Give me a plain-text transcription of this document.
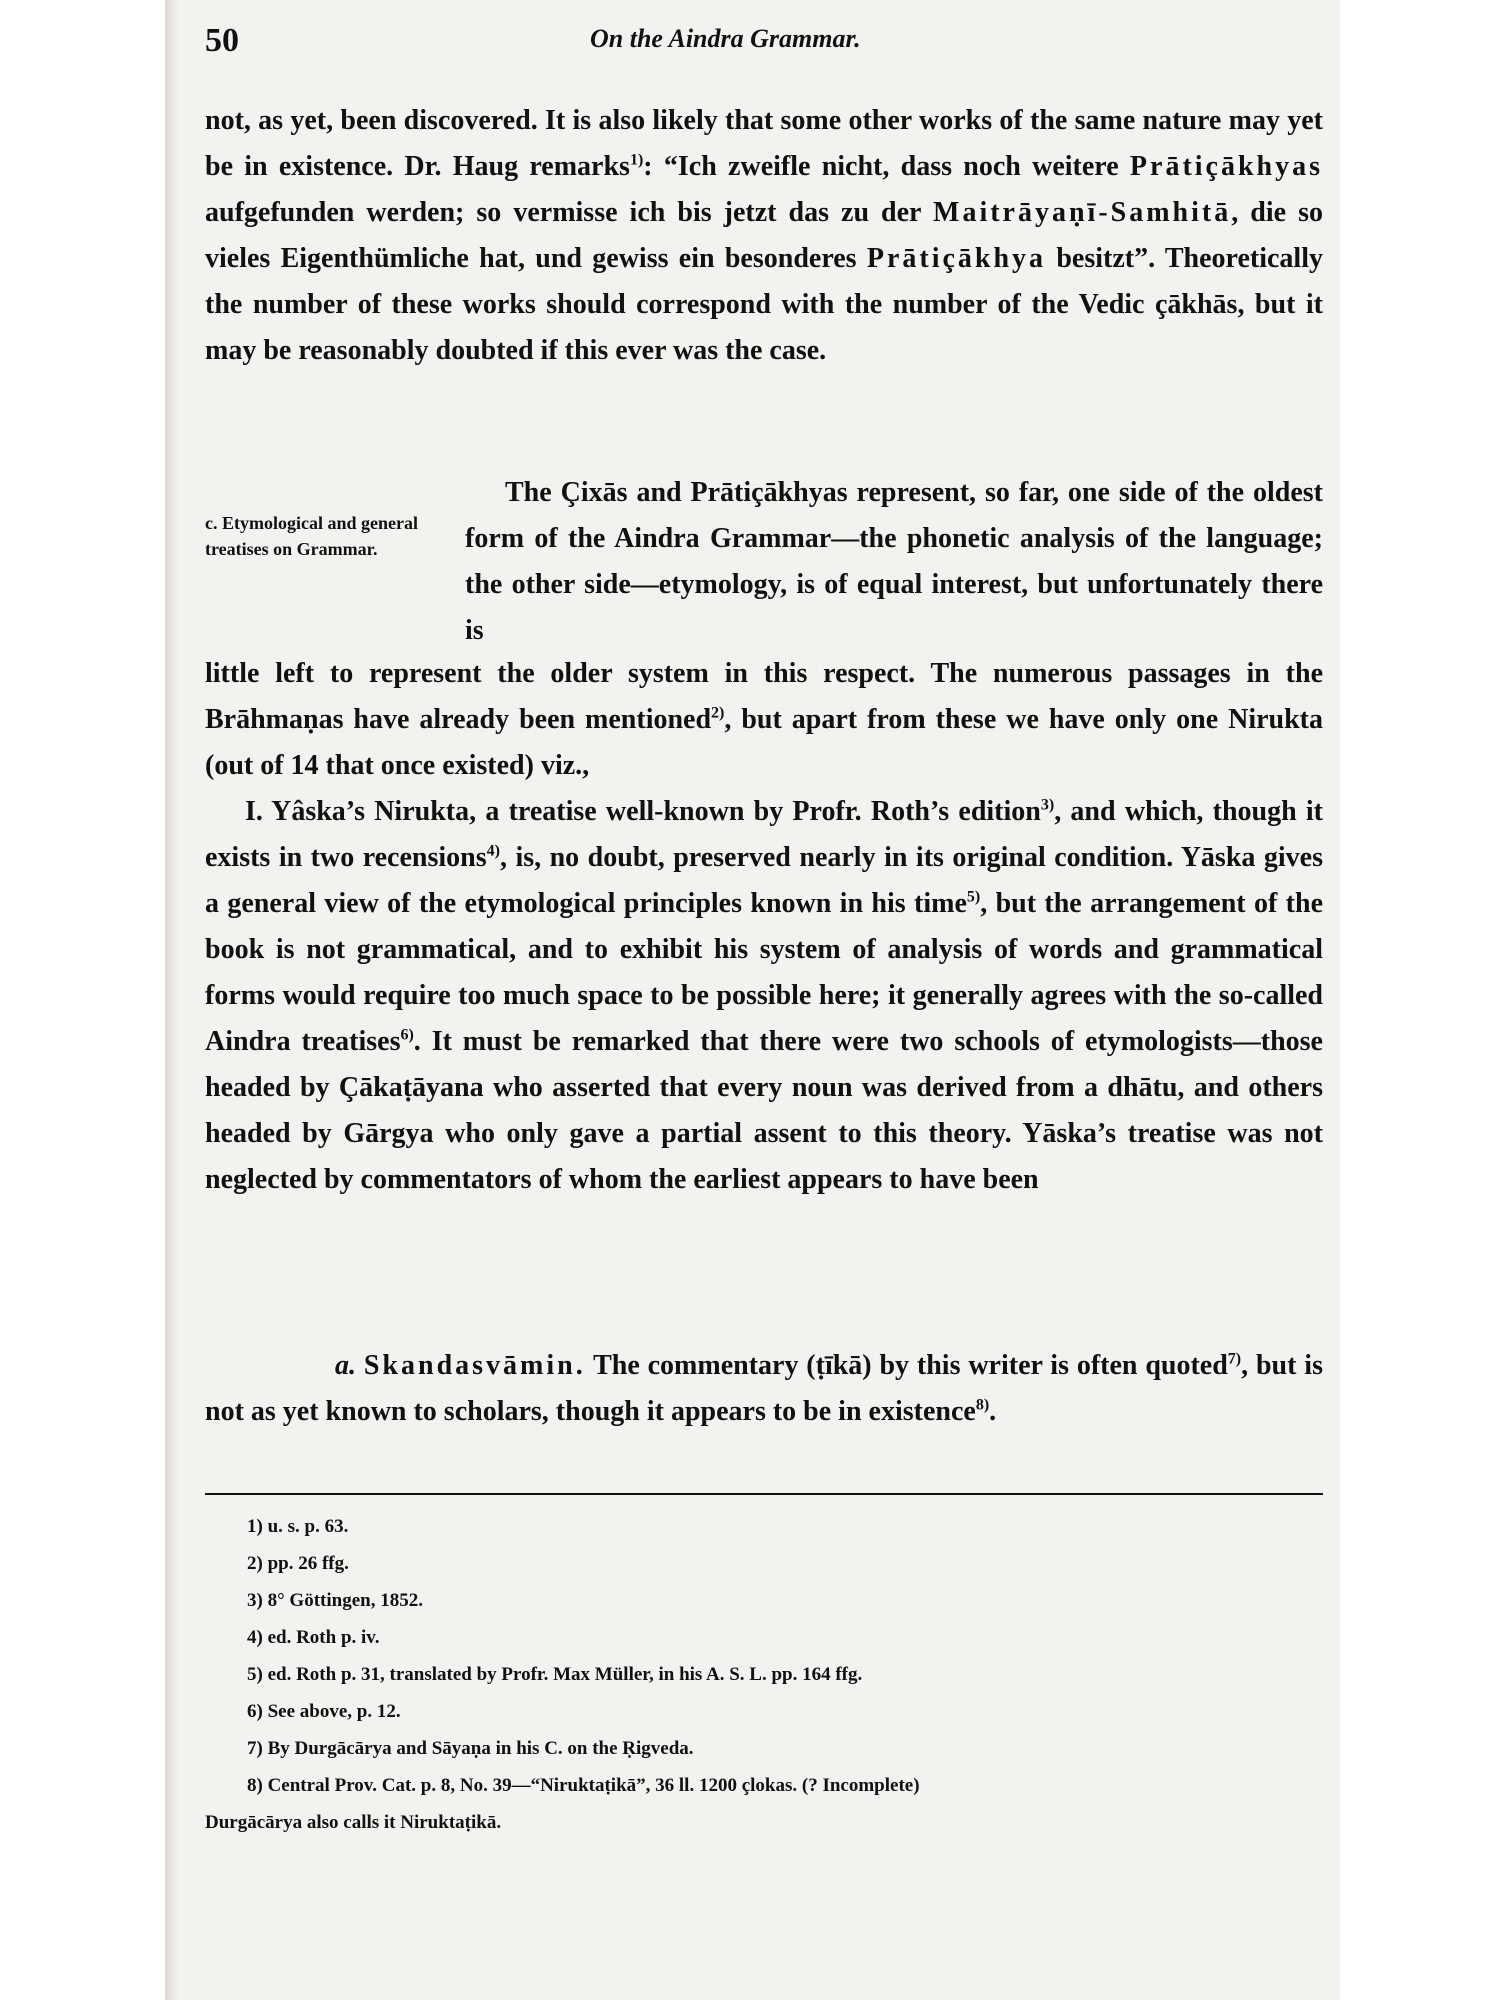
50	On the Aindra Grammar.

not, as yet, been discovered. It is also likely that some other works of the same nature may yet be in existence. Dr. Haug remarks$^{1)}$: “Ich zweifle nicht, dass noch weitere Prātiçākhyas aufgefunden werden; so vermisse ich bis jetzt das zu der Maitrāyaṇī-Samhitā, die so vieles Eigenthümliche hat, und gewiss ein besonderes Prātiçākhya besitzt”. Theoretically the number of these works should correspond with the number of the Vedic çākhās, but it may be reasonably doubted if this ever was the case.

c. Etymological and general treatises on Grammar.
The Çixās and Prātiçākhyas represent, so far, one side of the oldest form of the Aindra Grammar—the phonetic analysis of the language; the other side—etymology, is of equal interest, but unfortunately there is

little left to represent the older system in this respect. The numerous passages in the Brāhmaṇas have already been mentioned$^{2)}$, but apart from these we have only one Nirukta (out of 14 that once existed) viz.,

I. Yâska’s Nirukta, a treatise well-known by Profr. Roth’s edition$^{3)}$, and which, though it exists in two recensions$^{4)}$, is, no doubt, preserved nearly in its original condition. Yāska gives a general view of the etymological principles known in his time$^{5)}$, but the arrangement of the book is not grammatical, and to exhibit his system of analysis of words and grammatical forms would require too much space to be possible here; it generally agrees with the so-called Aindra treatises$^{6)}$. It must be remarked that there were two schools of etymologists—those headed by Çākaṭāyana who asserted that every noun was derived from a dhātu, and others headed by Gārgya who only gave a partial assent to this theory. Yāska’s treatise was not neglected by commentators of whom the earliest appears to have been

a. Skandasvāmin. The commentary (ṭīkā) by this writer is often quoted$^{7)}$, but is not as yet known to scholars, though it appears to be in existence$^{8)}$.

1) u. s. p. 63.
2) pp. 26 ffg.
3) 8° Göttingen, 1852.
4) ed. Roth p. iv.
5) ed. Roth p. 31, translated by Profr. Max Müller, in his A. S. L. pp. 164 ffg.
6) See above, p. 12.
7) By Durgācārya and Sāyaṇa in his C. on the Ṛigveda.
8) Central Prov. Cat. p. 8, No. 39—“Niruktaṭikā”, 36 ll. 1200 çlokas. (? Incomplete)
Durgācārya also calls it Niruktaṭikā.
